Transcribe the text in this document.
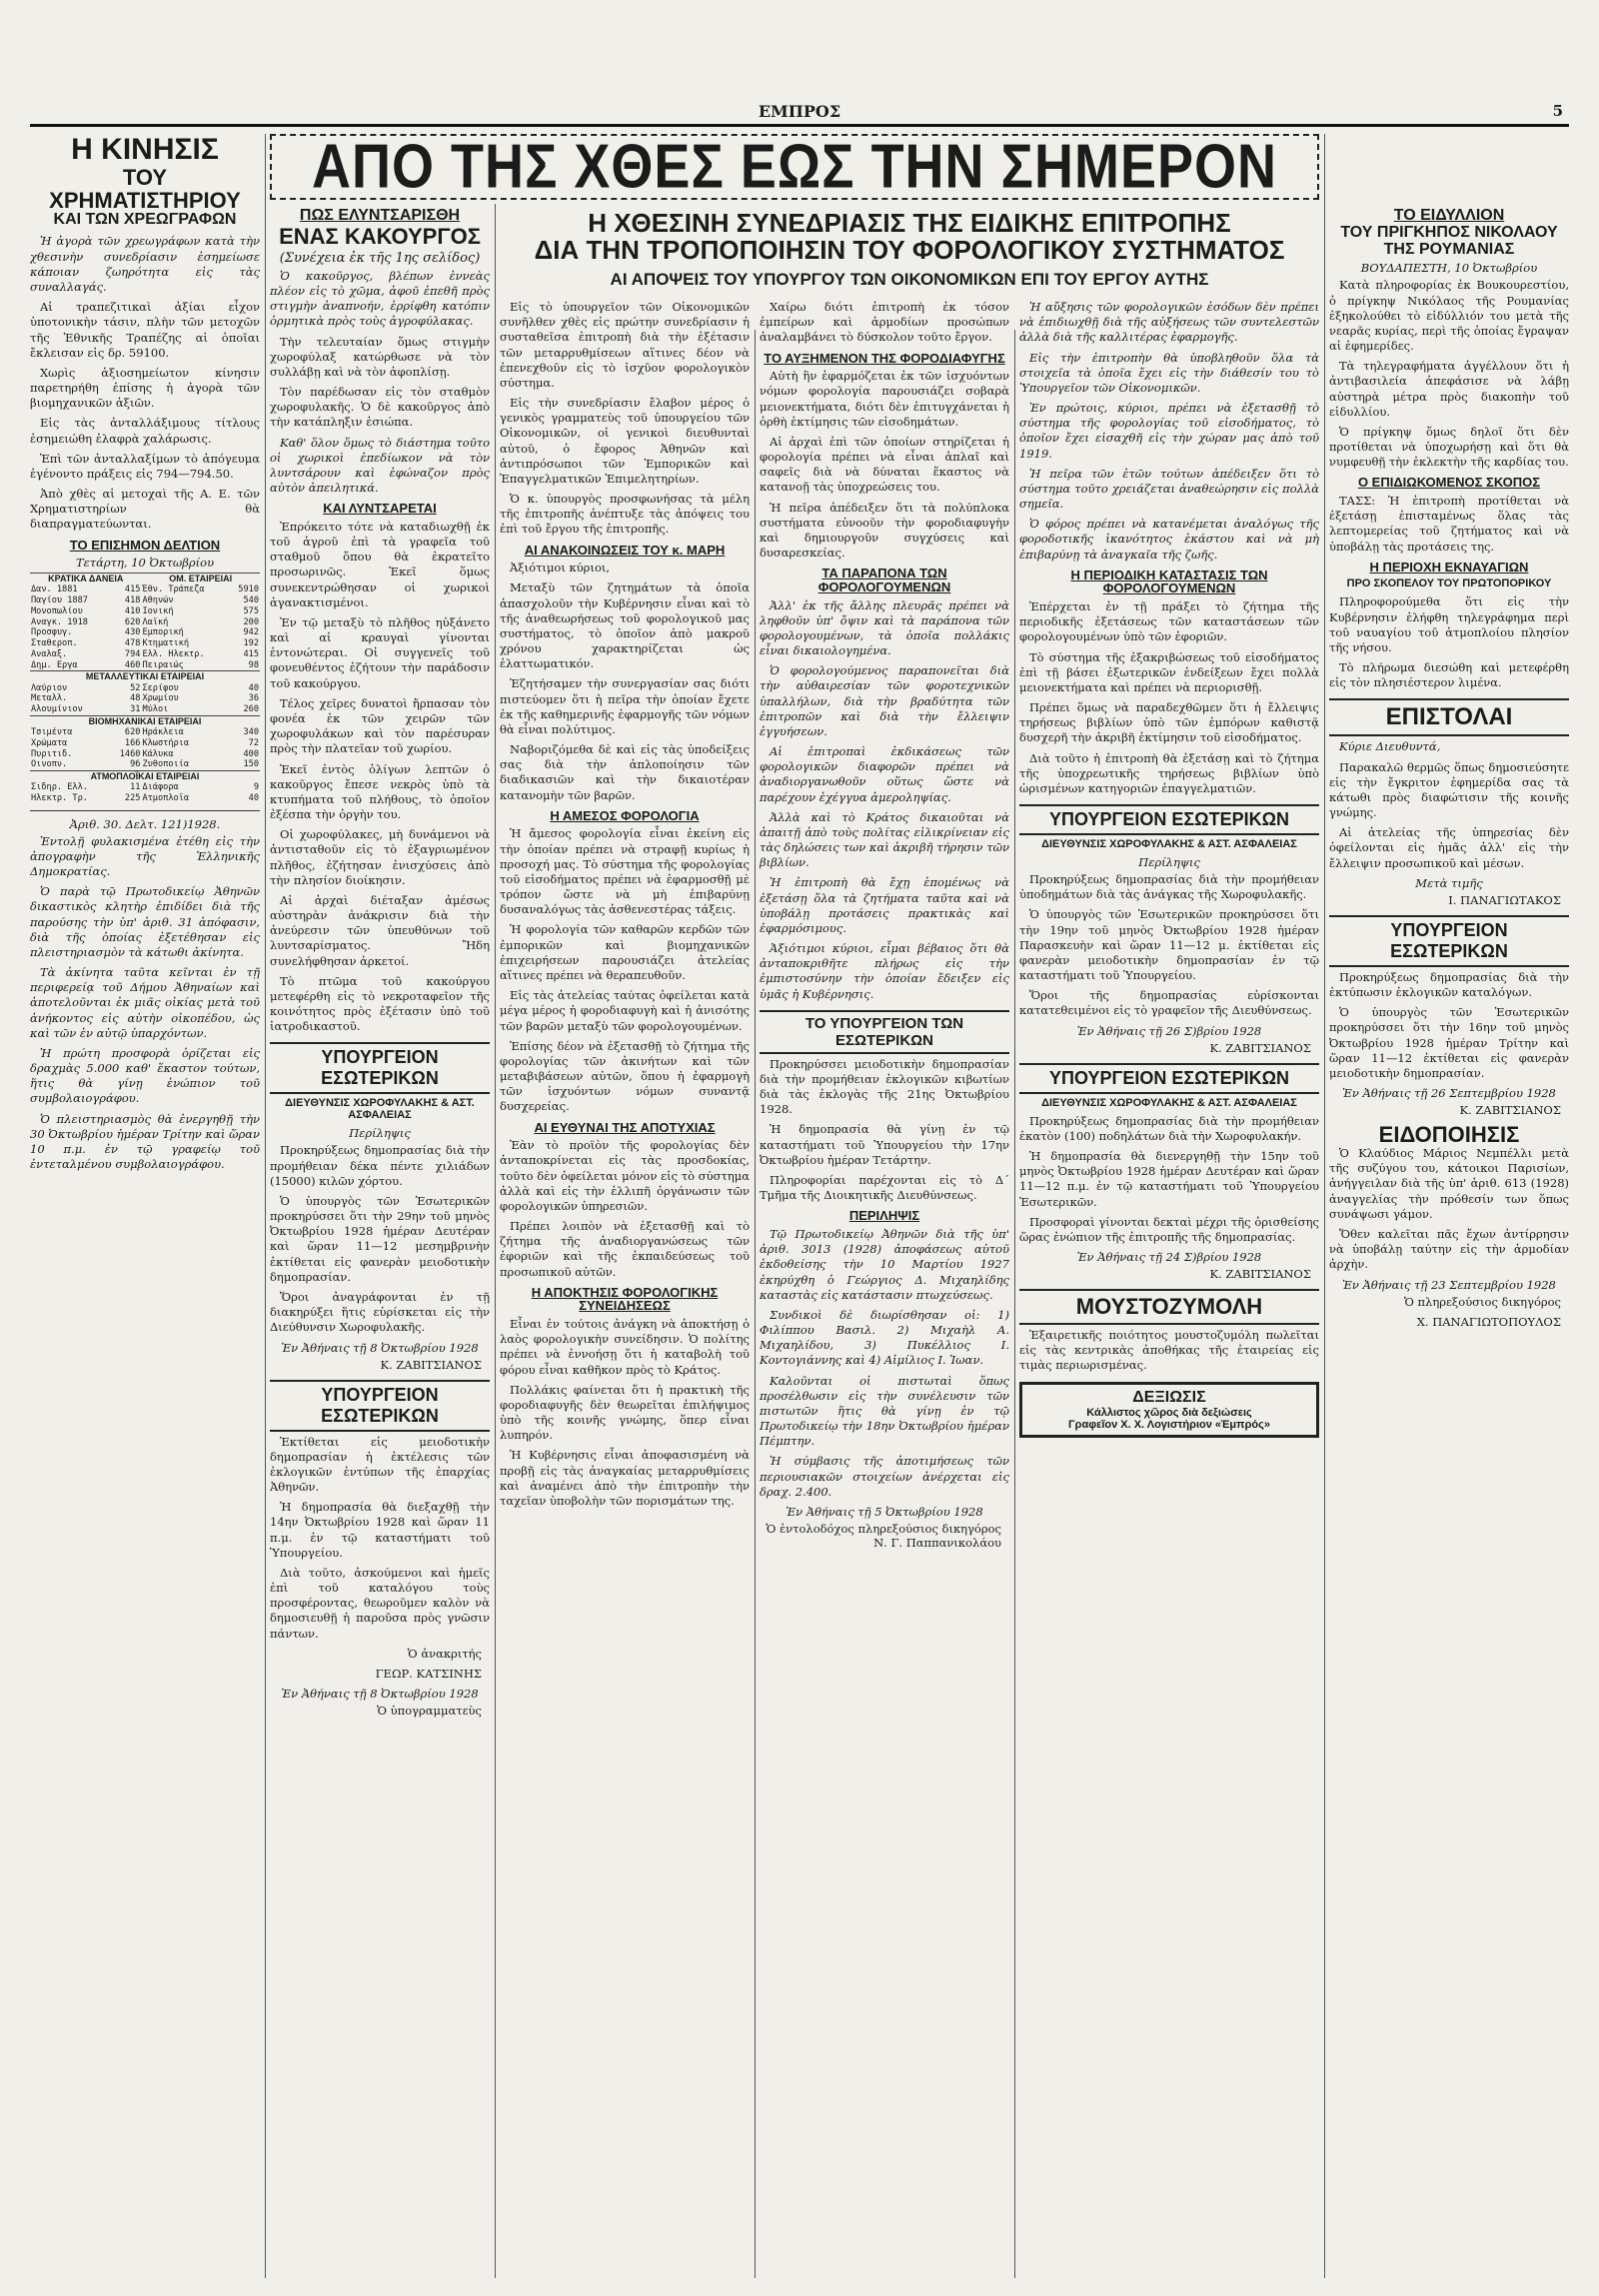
ΕΜΠΡΟΣ	5
ΑΠΟ ΤΗΣ ΧΘΕΣ ΕΩΣ ΤΗΝ ΣΗΜΕΡΟΝ

Η ΚΙΝΗΣΙΣ

ΤΟΥ ΧΡΗΜΑΤΙΣΤΗΡΙΟΥ

ΚΑΙ ΤΩΝ ΧΡΕΩΓΡΑΦΩΝ

Ἡ ἀγορὰ τῶν χρεωγράφων κατὰ τὴν χθεσινὴν συνεδρίασιν ἐσημείωσε κάποιαν ζωηρότητα εἰς τὰς συναλλαγάς.

Αἱ τραπεζιτικαὶ ἀξίαι εἶχον ὑποτονικὴν τάσιν, πλὴν τῶν μετοχῶν τῆς Ἐθνικῆς Τραπέζης αἱ ὁποῖαι ἔκλεισαν εἰς δρ. 59100.

Χωρὶς ἀξιοσημείωτον κίνησιν παρετηρήθη ἐπίσης ἡ ἀγορὰ τῶν βιομηχανικῶν ἀξιῶν.

Εἰς τὰς ἀνταλλάξιμους τίτλους ἐσημειώθη ἐλαφρὰ χαλάρωσις.

Ἐπὶ τῶν ἀνταλλαξίμων τὸ ἀπόγευμα ἐγένοντο πράξεις εἰς 794—794.50.

Ἀπὸ χθὲς αἱ μετοχαὶ τῆς Α. Ε. τῶν Χρηματιστηρίων θὰ διαπραγματεύωνται.

ΤΟ ΕΠΙΣΗΜΟΝ ΔΕΛΤΙΟΝ

Τετάρτη, 10 Ὀκτωβρίου

ΚΡΑΤΙΚΑ ΔΑΝΕΙΑ		ΟΜ. ΕΤΑΙΡΕΙΑΙ	
Δαν. 1881	415	Έθν. Τράπεζα	5910
Παγίου 1887	418	Αθηνών	540
Μονοπωλίου	410	Ιονική	575
Αναγκ. 1918	620	Λαϊκή	200
Προσφυγ.	430	Εμπορική	942
Σταθεροπ.	478	Κτηματική	192
Αναλαξ.	794	Ελλ. Ηλεκτρ.	415
Δημ. Εργα	460	Πειραιώς	98
ΜΕΤΑΛΛΕΥΤΙΚΑΙ ΕΤΑΙΡΕΙΑΙ			
Λαύριον	52	Σερίφου	40
Μεταλλ.	48	Χρωμίου	36
Αλουμίνιον	31	Μύλοι	260
ΒΙΟΜΗΧΑΝΙΚΑΙ ΕΤΑΙΡΕΙΑΙ			
Τσιμέντα	620	Ηράκλεια	340
Χρώματα	166	Κλωστήρια	72
Πυριτιδ.	1460	Κάλυκα	400
Οινοπν.	96	Ζυθοποιία	150
ΑΤΜΟΠΛΟΪΚΑΙ ΕΤΑΙΡΕΙΑΙ			
Σιδηρ. Ελλ.	11	Διάφορα	9
Ηλεκτρ. Τρ.	225	Ατμοπλοΐα	40

Ἀριθ. 30. Δελτ. 121)1928.

Ἐντολῇ φυλακισμένα ἐτέθη εἰς τὴν ἀπογραφὴν τῆς Ἑλληνικῆς Δημοκρατίας.

Ὁ παρὰ τῷ Πρωτοδικείῳ Ἀθηνῶν δικαστικὸς κλητὴρ ἐπιδίδει διὰ τῆς παρούσης τὴν ὑπ' ἀριθ. 31 ἀπόφασιν, διὰ τῆς ὁποίας ἐξετέθησαν εἰς πλειστηριασμὸν τὰ κάτωθι ἀκίνητα.

Τὰ ἀκίνητα ταῦτα κεῖνται ἐν τῇ περιφερείᾳ τοῦ Δήμου Ἀθηναίων καὶ ἀποτελοῦνται ἐκ μιᾶς οἰκίας μετὰ τοῦ ἀνήκοντος εἰς αὐτὴν οἰκοπέδου, ὡς καὶ τῶν ἐν αὐτῷ ὑπαρχόντων.

Ἡ πρώτη προσφορὰ ὁρίζεται εἰς δραχμὰς 5.000 καθ' ἕκαστον τούτων, ἥτις θὰ γίνῃ ἐνώπιον τοῦ συμβολαιογράφου.

Ὁ πλειστηριασμὸς θὰ ἐνεργηθῇ τὴν 30 Ὀκτωβρίου ἡμέραν Τρίτην καὶ ὥραν 10 π.μ. ἐν τῷ γραφείῳ τοῦ ἐντεταλμένου συμβολαιογράφου.

ΠΩΣ ΕΛΥΝΤΣΑΡΙΣΘΗ

ΕΝΑΣ ΚΑΚΟΥΡΓΟΣ

(Συνέχεια ἐκ τῆς 1ης σελίδος)

Ὁ κακοῦργος, βλέπων ἐννεὰς πλέον εἰς τὸ χῶμα, ἀφοῦ ἐπεθῆ πρὸς στιγμὴν ἀναπνοήν, ἐρρίφθη κατόπιν ὁρμητικὰ πρὸς τοὺς ἀγροφύλακας.

Τὴν τελευταίαν ὅμως στιγμὴν χωροφύλαξ κατώρθωσε νὰ τὸν συλλάβῃ καὶ νὰ τὸν ἀφοπλίσῃ.

Τὸν παρέδωσαν εἰς τὸν σταθμὸν χωροφυλακῆς. Ὁ δὲ κακοῦργος ἀπὸ τὴν κατάπληξιν ἐσιώπα.

Καθ' ὅλον ὅμως τὸ διάστημα τοῦτο οἱ χωρικοὶ ἐπεδίωκον νὰ τὸν λυντσάρουν καὶ ἐφώναζον πρὸς αὐτὸν ἀπειλητικά.

ΚΑΙ ΛΥΝΤΣΑΡΕΤΑΙ

Ἐπρόκειτο τότε νὰ καταδιωχθῇ ἐκ τοῦ ἀγροῦ ἐπὶ τὰ γραφεῖα τοῦ σταθμοῦ ὅπου θὰ ἐκρατεῖτο προσωρινῶς. Ἐκεῖ ὅμως συνεκεντρώθησαν οἱ χωρικοὶ ἀγανακτισμένοι.

Ἐν τῷ μεταξὺ τὸ πλῆθος ηὐξάνετο καὶ αἱ κραυγαὶ γίνονται ἐντονώτεραι. Οἱ συγγενεῖς τοῦ φονευθέντος ἐζήτουν τὴν παράδοσιν τοῦ κακούργου.

Τέλος χεῖρες δυνατοὶ ἤρπασαν τὸν φονέα ἐκ τῶν χειρῶν τῶν χωροφυλάκων καὶ τὸν παρέσυραν πρὸς τὴν πλατεῖαν τοῦ χωρίου.

Ἐκεῖ ἐντὸς ὀλίγων λεπτῶν ὁ κακοῦργος ἔπεσε νεκρὸς ὑπὸ τὰ κτυπήματα τοῦ πλήθους, τὸ ὁποῖον ἐξέσπα τὴν ὀργὴν του.

Οἱ χωροφύλακες, μὴ δυνάμενοι νὰ ἀντισταθοῦν εἰς τὸ ἐξαγριωμένον πλῆθος, ἐζήτησαν ἐνισχύσεις ἀπὸ τὴν πλησίον διοίκησιν.

Αἱ ἀρχαὶ διέταξαν ἀμέσως αὐστηρὰν ἀνάκρισιν διὰ τὴν ἀνεύρεσιν τῶν ὑπευθύνων τοῦ λυντσαρίσματος. Ἤδη συνελήφθησαν ἀρκετοί.

Τὸ πτῶμα τοῦ κακούργου μετεφέρθη εἰς τὸ νεκροταφεῖον τῆς κοινότητος πρὸς ἐξέτασιν ὑπὸ τοῦ ἰατροδικαστοῦ.

ΥΠΟΥΡΓΕΙΟΝ ΕΣΩΤΕΡΙΚΩΝ

ΔΙΕΥΘΥΝΣΙΣ ΧΩΡΟΦΥΛΑΚΗΣ & ΑΣΤ. ΑΣΦΑΛΕΙΑΣ

Περίληψις

Προκηρύξεως δημοπρασίας διὰ τὴν προμήθειαν δέκα πέντε χιλιάδων (15000) κιλῶν χόρτου.

Ὁ ὑπουργὸς τῶν Ἐσωτερικῶν προκηρύσσει ὅτι τὴν 29ην τοῦ μηνὸς Ὀκτωβρίου 1928 ἡμέραν Δευτέραν καὶ ὥραν 11—12 μεσημβρινὴν ἐκτίθεται εἰς φανερὰν μειοδοτικὴν δημοπρασίαν.

Ὅροι ἀναγράφονται ἐν τῇ διακηρύξει ἥτις εὑρίσκεται εἰς τὴν Διεύθυνσιν Χωροφυλακῆς.

Ἐν Ἀθήναις τῇ 8 Ὀκτωβρίου 1928

Κ. ΖΑΒΙΤΣΙΑΝΟΣ

ΥΠΟΥΡΓΕΙΟΝ ΕΣΩΤΕΡΙΚΩΝ

Ἐκτίθεται εἰς μειοδοτικὴν δημοπρασίαν ἡ ἐκτέλεσις τῶν ἐκλογικῶν ἐντύπων τῆς ἐπαρχίας Ἀθηνῶν.

Ἡ δημοπρασία θὰ διεξαχθῇ τὴν 14ην Ὀκτωβρίου 1928 καὶ ὥραν 11 π.μ. ἐν τῷ καταστήματι τοῦ Ὑπουργείου.

Διὰ τοῦτο, ἀσκούμενοι καὶ ἡμεῖς ἐπὶ τοῦ καταλόγου τοὺς προσφέροντας, θεωροῦμεν καλὸν νὰ δημοσιευθῇ ἡ παροῦσα πρὸς γνῶσιν πάντων.

Ὁ ἀνακριτής

ΓΕΩΡ. ΚΑΤΣΙΝΗΣ

Ἐν Ἀθήναις τῇ 8 Ὀκτωβρίου 1928

Ὁ ὑπογραμματεὺς

Η ΧΘΕΣΙΝΗ ΣΥΝΕΔΡΙΑΣΙΣ ΤΗΣ ΕΙΔΙΚΗΣ ΕΠΙΤΡΟΠΗΣ

ΔΙΑ ΤΗΝ ΤΡΟΠΟΠΟΙΗΣΙΝ ΤΟΥ ΦΟΡΟΛΟΓΙΚΟΥ ΣΥΣΤΗΜΑΤΟΣ

ΑΙ ΑΠΟΨΕΙΣ ΤΟΥ ΥΠΟΥΡΓΟΥ ΤΩΝ ΟΙΚΟΝΟΜΙΚΩΝ ΕΠΙ ΤΟΥ ΕΡΓΟΥ ΑΥΤΗΣ

Εἰς τὸ ὑπουργεῖον τῶν Οἰκονομικῶν συνῆλθεν χθὲς εἰς πρώτην συνεδρίασιν ἡ συσταθεῖσα ἐπιτροπὴ διὰ τὴν ἐξέτασιν τῶν μεταρρυθμίσεων αἵτινες δέον νὰ ἐπενεχθοῦν εἰς τὸ ἰσχῦον φορολογικὸν σύστημα.

Εἰς τὴν συνεδρίασιν ἔλαβον μέρος ὁ γενικὸς γραμματεὺς τοῦ ὑπουργείου τῶν Οἰκονομικῶν, οἱ γενικοὶ διευθυνταὶ αὐτοῦ, ὁ ἔφορος Ἀθηνῶν καὶ ἀντιπρόσωποι τῶν Ἐμπορικῶν καὶ Ἐπαγγελματικῶν Ἐπιμελητηρίων.

Ὁ κ. ὑπουργὸς προσφωνήσας τὰ μέλη τῆς ἐπιτροπῆς ἀνέπτυξε τὰς ἀπόψεις του ἐπὶ τοῦ ἔργου τῆς ἐπιτροπῆς.

ΑΙ ΑΝΑΚΟΙΝΩΣΕΙΣ ΤΟΥ κ. ΜΑΡΗ

Ἀξιότιμοι κύριοι,

Μεταξὺ τῶν ζητημάτων τὰ ὁποῖα ἀπασχολοῦν τὴν Κυβέρνησιν εἶναι καὶ τὸ τῆς ἀναθεωρήσεως τοῦ φορολογικοῦ μας συστήματος, τὸ ὁποῖον ἀπὸ μακροῦ χρόνου χαρακτηρίζεται ὡς ἐλαττωματικόν.

Ἐζητήσαμεν τὴν συνεργασίαν σας διότι πιστεύομεν ὅτι ἡ πεῖρα τὴν ὁποίαν ἔχετε ἐκ τῆς καθημερινῆς ἐφαρμογῆς τῶν νόμων θὰ εἶναι πολύτιμος.

Ναβοριζόμεθα δὲ καὶ εἰς τὰς ὑποδείξεις σας διὰ τὴν ἀπλοποίησιν τῶν διαδικασιῶν καὶ τὴν δικαιοτέραν κατανομὴν τῶν βαρῶν.

Η ΑΜΕΣΟΣ ΦΟΡΟΛΟΓΙΑ

Ἡ ἄμεσος φορολογία εἶναι ἐκείνη εἰς τὴν ὁποίαν πρέπει νὰ στραφῇ κυρίως ἡ προσοχή μας. Τὸ σύστημα τῆς φορολογίας τοῦ εἰσοδήματος πρέπει νὰ ἐφαρμοσθῇ μὲ τρόπον ὥστε νὰ μὴ ἐπιβαρύνῃ δυσαναλόγως τὰς ἀσθενεστέρας τάξεις.

Ἡ φορολογία τῶν καθαρῶν κερδῶν τῶν ἐμπορικῶν καὶ βιομηχανικῶν ἐπιχειρήσεων παρουσιάζει ἀτελείας αἵτινες πρέπει νὰ θεραπευθοῦν.

Εἰς τὰς ἀτελείας ταύτας ὀφείλεται κατὰ μέγα μέρος ἡ φοροδιαφυγὴ καὶ ἡ ἀνισότης τῶν βαρῶν μεταξὺ τῶν φορολογουμένων.

Ἐπίσης δέον νὰ ἐξετασθῇ τὸ ζήτημα τῆς φορολογίας τῶν ἀκινήτων καὶ τῶν μεταβιβάσεων αὐτῶν, ὅπου ἡ ἐφαρμογὴ τῶν ἰσχυόντων νόμων συναντᾷ δυσχερείας.

ΑΙ ΕΥΘΥΝΑΙ ΤΗΣ ΑΠΟΤΥΧΙΑΣ

Ἐὰν τὸ προϊὸν τῆς φορολογίας δὲν ἀνταποκρίνεται εἰς τὰς προσδοκίας, τοῦτο δὲν ὀφείλεται μόνον εἰς τὸ σύστημα ἀλλὰ καὶ εἰς τὴν ἐλλιπῆ ὀργάνωσιν τῶν φορολογικῶν ὑπηρεσιῶν.

Πρέπει λοιπὸν νὰ ἐξετασθῇ καὶ τὸ ζήτημα τῆς ἀναδιοργανώσεως τῶν ἐφοριῶν καὶ τῆς ἐκπαιδεύσεως τοῦ προσωπικοῦ αὐτῶν.

Η ΑΠΟΚΤΗΣΙΣ ΦΟΡΟΛΟΓΙΚΗΣ ΣΥΝΕΙΔΗΣΕΩΣ

Εἶναι ἐν τούτοις ἀνάγκη νὰ ἀποκτήσῃ ὁ λαὸς φορολογικὴν συνείδησιν. Ὁ πολίτης πρέπει νὰ ἐννοήσῃ ὅτι ἡ καταβολὴ τοῦ φόρου εἶναι καθῆκον πρὸς τὸ Κράτος.

Πολλάκις φαίνεται ὅτι ἡ πρακτικὴ τῆς φοροδιαφυγῆς δὲν θεωρεῖται ἐπιλήψιμος ὑπὸ τῆς κοινῆς γνώμης, ὅπερ εἶναι λυπηρόν.

Ἡ Κυβέρνησις εἶναι ἀποφασισμένη νὰ προβῇ εἰς τὰς ἀναγκαίας μεταρρυθμίσεις καὶ ἀναμένει ἀπὸ τὴν ἐπιτροπὴν τὴν ταχεῖαν ὑποβολὴν τῶν πορισμάτων της.

Χαίρω διότι ἐπιτροπὴ ἐκ τόσον ἐμπείρων καὶ ἁρμοδίων προσώπων ἀναλαμβάνει τὸ δύσκολον τοῦτο ἔργον.

ΤΟ ΑΥΞΗΜΕΝΟΝ ΤΗΣ ΦΟΡΟΔΙΑΦΥΓΗΣ

Αὐτὴ ἣν ἐφαρμόζεται ἐκ τῶν ἰσχυόντων νόμων φορολογία παρουσιάζει σοβαρὰ μειονεκτήματα, διότι δὲν ἐπιτυγχάνεται ἡ ὀρθὴ ἐκτίμησις τῶν εἰσοδημάτων.

Αἱ ἀρχαὶ ἐπὶ τῶν ὁποίων στηρίζεται ἡ φορολογία πρέπει νὰ εἶναι ἁπλαῖ καὶ σαφεῖς διὰ νὰ δύναται ἕκαστος νὰ κατανοῇ τὰς ὑποχρεώσεις του.

Ἡ πεῖρα ἀπέδειξεν ὅτι τὰ πολύπλοκα συστήματα εὐνοοῦν τὴν φοροδιαφυγὴν καὶ δημιουργοῦν συγχύσεις καὶ δυσαρεσκείας.

ΤΑ ΠΑΡΑΠΟΝΑ ΤΩΝ ΦΟΡΟΛΟΓΟΥΜΕΝΩΝ

Ἀλλ' ἐκ τῆς ἄλλης πλευρᾶς πρέπει νὰ ληφθοῦν ὑπ' ὄψιν καὶ τὰ παράπονα τῶν φορολογουμένων, τὰ ὁποῖα πολλάκις εἶναι δικαιολογημένα.

Ὁ φορολογούμενος παραπονεῖται διὰ τὴν αὐθαιρεσίαν τῶν φοροτεχνικῶν ὑπαλλήλων, διὰ τὴν βραδύτητα τῶν ἐπιτροπῶν καὶ διὰ τὴν ἔλλειψιν ἐγγυήσεων.

Αἱ ἐπιτροπαὶ ἐκδικάσεως τῶν φορολογικῶν διαφορῶν πρέπει νὰ ἀναδιοργανωθοῦν οὕτως ὥστε νὰ παρέχουν ἐχέγγυα ἀμεροληψίας.

Ἀλλὰ καὶ τὸ Κράτος δικαιοῦται νὰ ἀπαιτῇ ἀπὸ τοὺς πολίτας εἰλικρίνειαν εἰς τὰς δηλώσεις των καὶ ἀκριβῆ τήρησιν τῶν βιβλίων.

Ἡ ἐπιτροπὴ θὰ ἔχῃ ἑπομένως νὰ ἐξετάσῃ ὅλα τὰ ζητήματα ταῦτα καὶ νὰ ὑποβάλῃ προτάσεις πρακτικὰς καὶ ἐφαρμόσιμους.

Ἀξιότιμοι κύριοι, εἶμαι βέβαιος ὅτι θὰ ἀνταποκριθῆτε πλήρως εἰς τὴν ἐμπιστοσύνην τὴν ὁποίαν ἔδειξεν εἰς ὑμᾶς ἡ Κυβέρνησις.

ΤΟ ΥΠΟΥΡΓΕΙΟΝ ΤΩΝ ΕΣΩΤΕΡΙΚΩΝ

Προκηρύσσει μειοδοτικὴν δημοπρασίαν διὰ τὴν προμήθειαν ἐκλογικῶν κιβωτίων διὰ τὰς ἐκλογὰς τῆς 21ης Ὀκτωβρίου 1928.

Ἡ δημοπρασία θὰ γίνῃ ἐν τῷ καταστήματι τοῦ Ὑπουργείου τὴν 17ην Ὀκτωβρίου ἡμέραν Τετάρτην.

Πληροφορίαι παρέχονται εἰς τὸ Δ΄ Τμῆμα τῆς Διοικητικῆς Διευθύνσεως.

ΠΕΡΙΛΗΨΙΣ

Τῷ Πρωτοδικείῳ Ἀθηνῶν διὰ τῆς ὑπ' ἀριθ. 3013 (1928) ἀποφάσεως αὐτοῦ ἐκδοθείσης τὴν 10 Μαρτίου 1927 ἐκηρύχθη ὁ Γεώργιος Δ. Μιχαηλίδης καταστὰς εἰς κατάστασιν πτωχεύσεως.

Συνδικοὶ δὲ διωρίσθησαν οἱ: 1) Φιλίππου Βασιλ. 2) Μιχαὴλ Α. Μιχαηλίδου, 3) Πυκέλλιος Ι. Κοντογιάννης καὶ 4) Αἰμίλιος Ι. Ἰωαν.

Καλοῦνται οἱ πιστωταὶ ὅπως προσέλθωσιν εἰς τὴν συνέλευσιν τῶν πιστωτῶν ἥτις θὰ γίνῃ ἐν τῷ Πρωτοδικείῳ τὴν 18ην Ὀκτωβρίου ἡμέραν Πέμπτην.

Ἡ σύμβασις τῆς ἀποτιμήσεως τῶν περιουσιακῶν στοιχείων ἀνέρχεται εἰς δραχ. 2.400.

Ἐν Ἀθήναις τῇ 5 Ὀκτωβρίου 1928

Ὁ ἐντολοδόχος πληρεξούσιος δικηγόρος Ν. Γ. Παππανικολάου

Ἡ αὔξησις τῶν φορολογικῶν ἐσόδων δὲν πρέπει νὰ ἐπιδιωχθῇ διὰ τῆς αὐξήσεως τῶν συντελεστῶν ἀλλὰ διὰ τῆς καλλιτέρας ἐφαρμογῆς.

Εἰς τὴν ἐπιτροπὴν θὰ ὑποβληθοῦν ὅλα τὰ στοιχεῖα τὰ ὁποῖα ἔχει εἰς τὴν διάθεσίν του τὸ Ὑπουργεῖον τῶν Οἰκονομικῶν.

Ἐν πρώτοις, κύριοι, πρέπει νὰ ἐξετασθῇ τὸ σύστημα τῆς φορολογίας τοῦ εἰσοδήματος, τὸ ὁποῖον ἔχει εἰσαχθῆ εἰς τὴν χώραν μας ἀπὸ τοῦ 1919.

Ἡ πεῖρα τῶν ἐτῶν τούτων ἀπέδειξεν ὅτι τὸ σύστημα τοῦτο χρειάζεται ἀναθεώρησιν εἰς πολλὰ σημεῖα.

Ὁ φόρος πρέπει νὰ κατανέμεται ἀναλόγως τῆς φοροδοτικῆς ἱκανότητος ἑκάστου καὶ νὰ μὴ ἐπιβαρύνῃ τὰ ἀναγκαῖα τῆς ζωῆς.

Η ΠΕΡΙΟΔΙΚΗ ΚΑΤΑΣΤΑΣΙΣ ΤΩΝ ΦΟΡΟΛΟΓΟΥΜΕΝΩΝ

Ἐπέρχεται ἐν τῇ πράξει τὸ ζήτημα τῆς περιοδικῆς ἐξετάσεως τῶν καταστάσεων τῶν φορολογουμένων ὑπὸ τῶν ἐφοριῶν.

Τὸ σύστημα τῆς ἐξακριβώσεως τοῦ εἰσοδήματος ἐπὶ τῇ βάσει ἐξωτερικῶν ἐνδείξεων ἔχει πολλὰ μειονεκτήματα καὶ πρέπει νὰ περιορισθῇ.

Πρέπει ὅμως νὰ παραδεχθῶμεν ὅτι ἡ ἔλλειψις τηρήσεως βιβλίων ὑπὸ τῶν ἐμπόρων καθιστᾷ δυσχερῆ τὴν ἀκριβῆ ἐκτίμησιν τοῦ εἰσοδήματος.

Διὰ τοῦτο ἡ ἐπιτροπὴ θὰ ἐξετάσῃ καὶ τὸ ζήτημα τῆς ὑποχρεωτικῆς τηρήσεως βιβλίων ὑπὸ ὡρισμένων κατηγοριῶν ἐπαγγελματιῶν.

ΥΠΟΥΡΓΕΙΟΝ ΕΣΩΤΕΡΙΚΩΝ

ΔΙΕΥΘΥΝΣΙΣ ΧΩΡΟΦΥΛΑΚΗΣ & ΑΣΤ. ΑΣΦΑΛΕΙΑΣ

Περίληψις

Προκηρύξεως δημοπρασίας διὰ τὴν προμήθειαν ὑποδημάτων διὰ τὰς ἀνάγκας τῆς Χωροφυλακῆς.

Ὁ ὑπουργὸς τῶν Ἐσωτερικῶν προκηρύσσει ὅτι τὴν 19ην τοῦ μηνὸς Ὀκτωβρίου 1928 ἡμέραν Παρασκευὴν καὶ ὥραν 11—12 μ. ἐκτίθεται εἰς φανερὰν μειοδοτικὴν δημοπρασίαν ἐν τῷ καταστήματι τοῦ Ὑπουργείου.

Ὅροι τῆς δημοπρασίας εὑρίσκονται κατατεθειμένοι εἰς τὸ γραφεῖον τῆς Διευθύνσεως.

Ἐν Ἀθήναις τῇ 26 Σ)βρίου 1928

Κ. ΖΑΒΙΤΣΙΑΝΟΣ

ΥΠΟΥΡΓΕΙΟΝ ΕΣΩΤΕΡΙΚΩΝ

ΔΙΕΥΘΥΝΣΙΣ ΧΩΡΟΦΥΛΑΚΗΣ & ΑΣΤ. ΑΣΦΑΛΕΙΑΣ

Προκηρύξεως δημοπρασίας διὰ τὴν προμήθειαν ἑκατὸν (100) ποδηλάτων διὰ τὴν Χωροφυλακήν.

Ἡ δημοπρασία θὰ διενεργηθῇ τὴν 15ην τοῦ μηνὸς Ὀκτωβρίου 1928 ἡμέραν Δευτέραν καὶ ὥραν 11—12 π.μ. ἐν τῷ καταστήματι τοῦ Ὑπουργείου Ἐσωτερικῶν.

Προσφοραὶ γίνονται δεκταὶ μέχρι τῆς ὁρισθείσης ὥρας ἐνώπιον τῆς ἐπιτροπῆς τῆς δημοπρασίας.

Ἐν Ἀθήναις τῇ 24 Σ)βρίου 1928

Κ. ΖΑΒΙΤΣΙΑΝΟΣ

ΜΟΥΣΤΟΖΥΜΟΛΗ

Ἐξαιρετικῆς ποιότητος μουστοζυμόλη πωλεῖται εἰς τὰς κεντρικὰς ἀποθήκας τῆς ἑταιρείας εἰς τιμὰς περιωρισμένας.

ΔΕΞΙΩΣΙΣ
Κάλλιστος χῶρος διὰ δεξιώσεις
Γραφεῖον Χ. Χ. Λογιστήριον «Ἐμπρός»

ΤΟ ΕΙΔΥΛΛΙΟΝ

ΤΟΥ ΠΡΙΓΚΗΠΟΣ ΝΙΚΟΛΑΟΥ

ΤΗΣ ΡΟΥΜΑΝΙΑΣ

ΒΟΥΔΑΠΕΣΤΗ, 10 Ὀκτωβρίου

Κατὰ πληροφορίας ἐκ Βουκουρεστίου, ὁ πρίγκηψ Νικόλαος τῆς Ρουμανίας ἐξηκολούθει τὸ εἰδύλλιόν του μετὰ τῆς νεαρᾶς κυρίας, περὶ τῆς ὁποίας ἔγραψαν αἱ ἐφημερίδες.

Τὰ τηλεγραφήματα ἀγγέλλουν ὅτι ἡ ἀντιβασιλεία ἀπεφάσισε νὰ λάβῃ αὐστηρὰ μέτρα πρὸς διακοπὴν τοῦ εἰδυλλίου.

Ὁ πρίγκηψ ὅμως δηλοῖ ὅτι δὲν προτίθεται νὰ ὑποχωρήσῃ καὶ ὅτι θὰ νυμφευθῇ τὴν ἐκλεκτὴν τῆς καρδίας του.

Ο ΕΠΙΔΙΩΚΟΜΕΝΟΣ ΣΚΟΠΟΣ

ΤΑΣΣ: Ἡ ἐπιτροπὴ προτίθεται νὰ ἐξετάσῃ ἐπισταμένως ὅλας τὰς λεπτομερείας τοῦ ζητήματος καὶ νὰ ὑποβάλῃ τὰς προτάσεις της.

Η ΠΕΡΙΟΧΗ ΕΚΝΑΥΑΓΙΩΝ

ΠΡΟ ΣΚΟΠΕΛΟΥ ΤΟΥ ΠΡΩΤΟΠΟΡΙΚΟΥ

Πληροφορούμεθα ὅτι εἰς τὴν Κυβέρνησιν ἐλήφθη τηλεγράφημα περὶ τοῦ ναυαγίου τοῦ ἀτμοπλοίου πλησίον τῆς νήσου.

Τὸ πλήρωμα διεσώθη καὶ μετεφέρθη εἰς τὸν πλησιέστερον λιμένα.

ΕΠΙΣΤΟΛΑΙ

Κύριε Διευθυντά,

Παρακαλῶ θερμῶς ὅπως δημοσιεύσητε εἰς τὴν ἔγκριτον ἐφημερίδα σας τὰ κάτωθι πρὸς διαφώτισιν τῆς κοινῆς γνώμης.

Αἱ ἀτελείας τῆς ὑπηρεσίας δὲν ὀφείλονται εἰς ἡμᾶς ἀλλ' εἰς τὴν ἔλλειψιν προσωπικοῦ καὶ μέσων.

Μετὰ τιμῆς

Ι. ΠΑΝΑΓΙΩΤΑΚΟΣ

ΥΠΟΥΡΓΕΙΟΝ ΕΣΩΤΕΡΙΚΩΝ

Προκηρύξεως δημοπρασίας διὰ τὴν ἐκτύπωσιν ἐκλογικῶν καταλόγων.

Ὁ ὑπουργὸς τῶν Ἐσωτερικῶν προκηρύσσει ὅτι τὴν 16ην τοῦ μηνὸς Ὀκτωβρίου 1928 ἡμέραν Τρίτην καὶ ὥραν 11—12 ἐκτίθεται εἰς φανερὰν μειοδοτικὴν δημοπρασίαν.

Ἐν Ἀθήναις τῇ 26 Σεπτεμβρίου 1928

Κ. ΖΑΒΙΤΣΙΑΝΟΣ

ΕΙΔΟΠΟΙΗΣΙΣ

Ὁ Κλαύδιος Μάριος Νεμπέλλι μετὰ τῆς συζύγου του, κάτοικοι Παρισίων, ἀνήγγειλαν διὰ τῆς ὑπ' ἀριθ. 613 (1928) ἀναγγελίας τὴν πρόθεσίν των ὅπως συνάψωσι γάμον.

Ὅθεν καλεῖται πᾶς ἔχων ἀντίρρησιν νὰ ὑποβάλῃ ταύτην εἰς τὴν ἁρμοδίαν ἀρχὴν.

Ἐν Ἀθήναις τῇ 23 Σεπτεμβρίου 1928

Ὁ πληρεξούσιος δικηγόρος

Χ. ΠΑΝΑΓΙΩΤΟΠΟΥΛΟΣ
